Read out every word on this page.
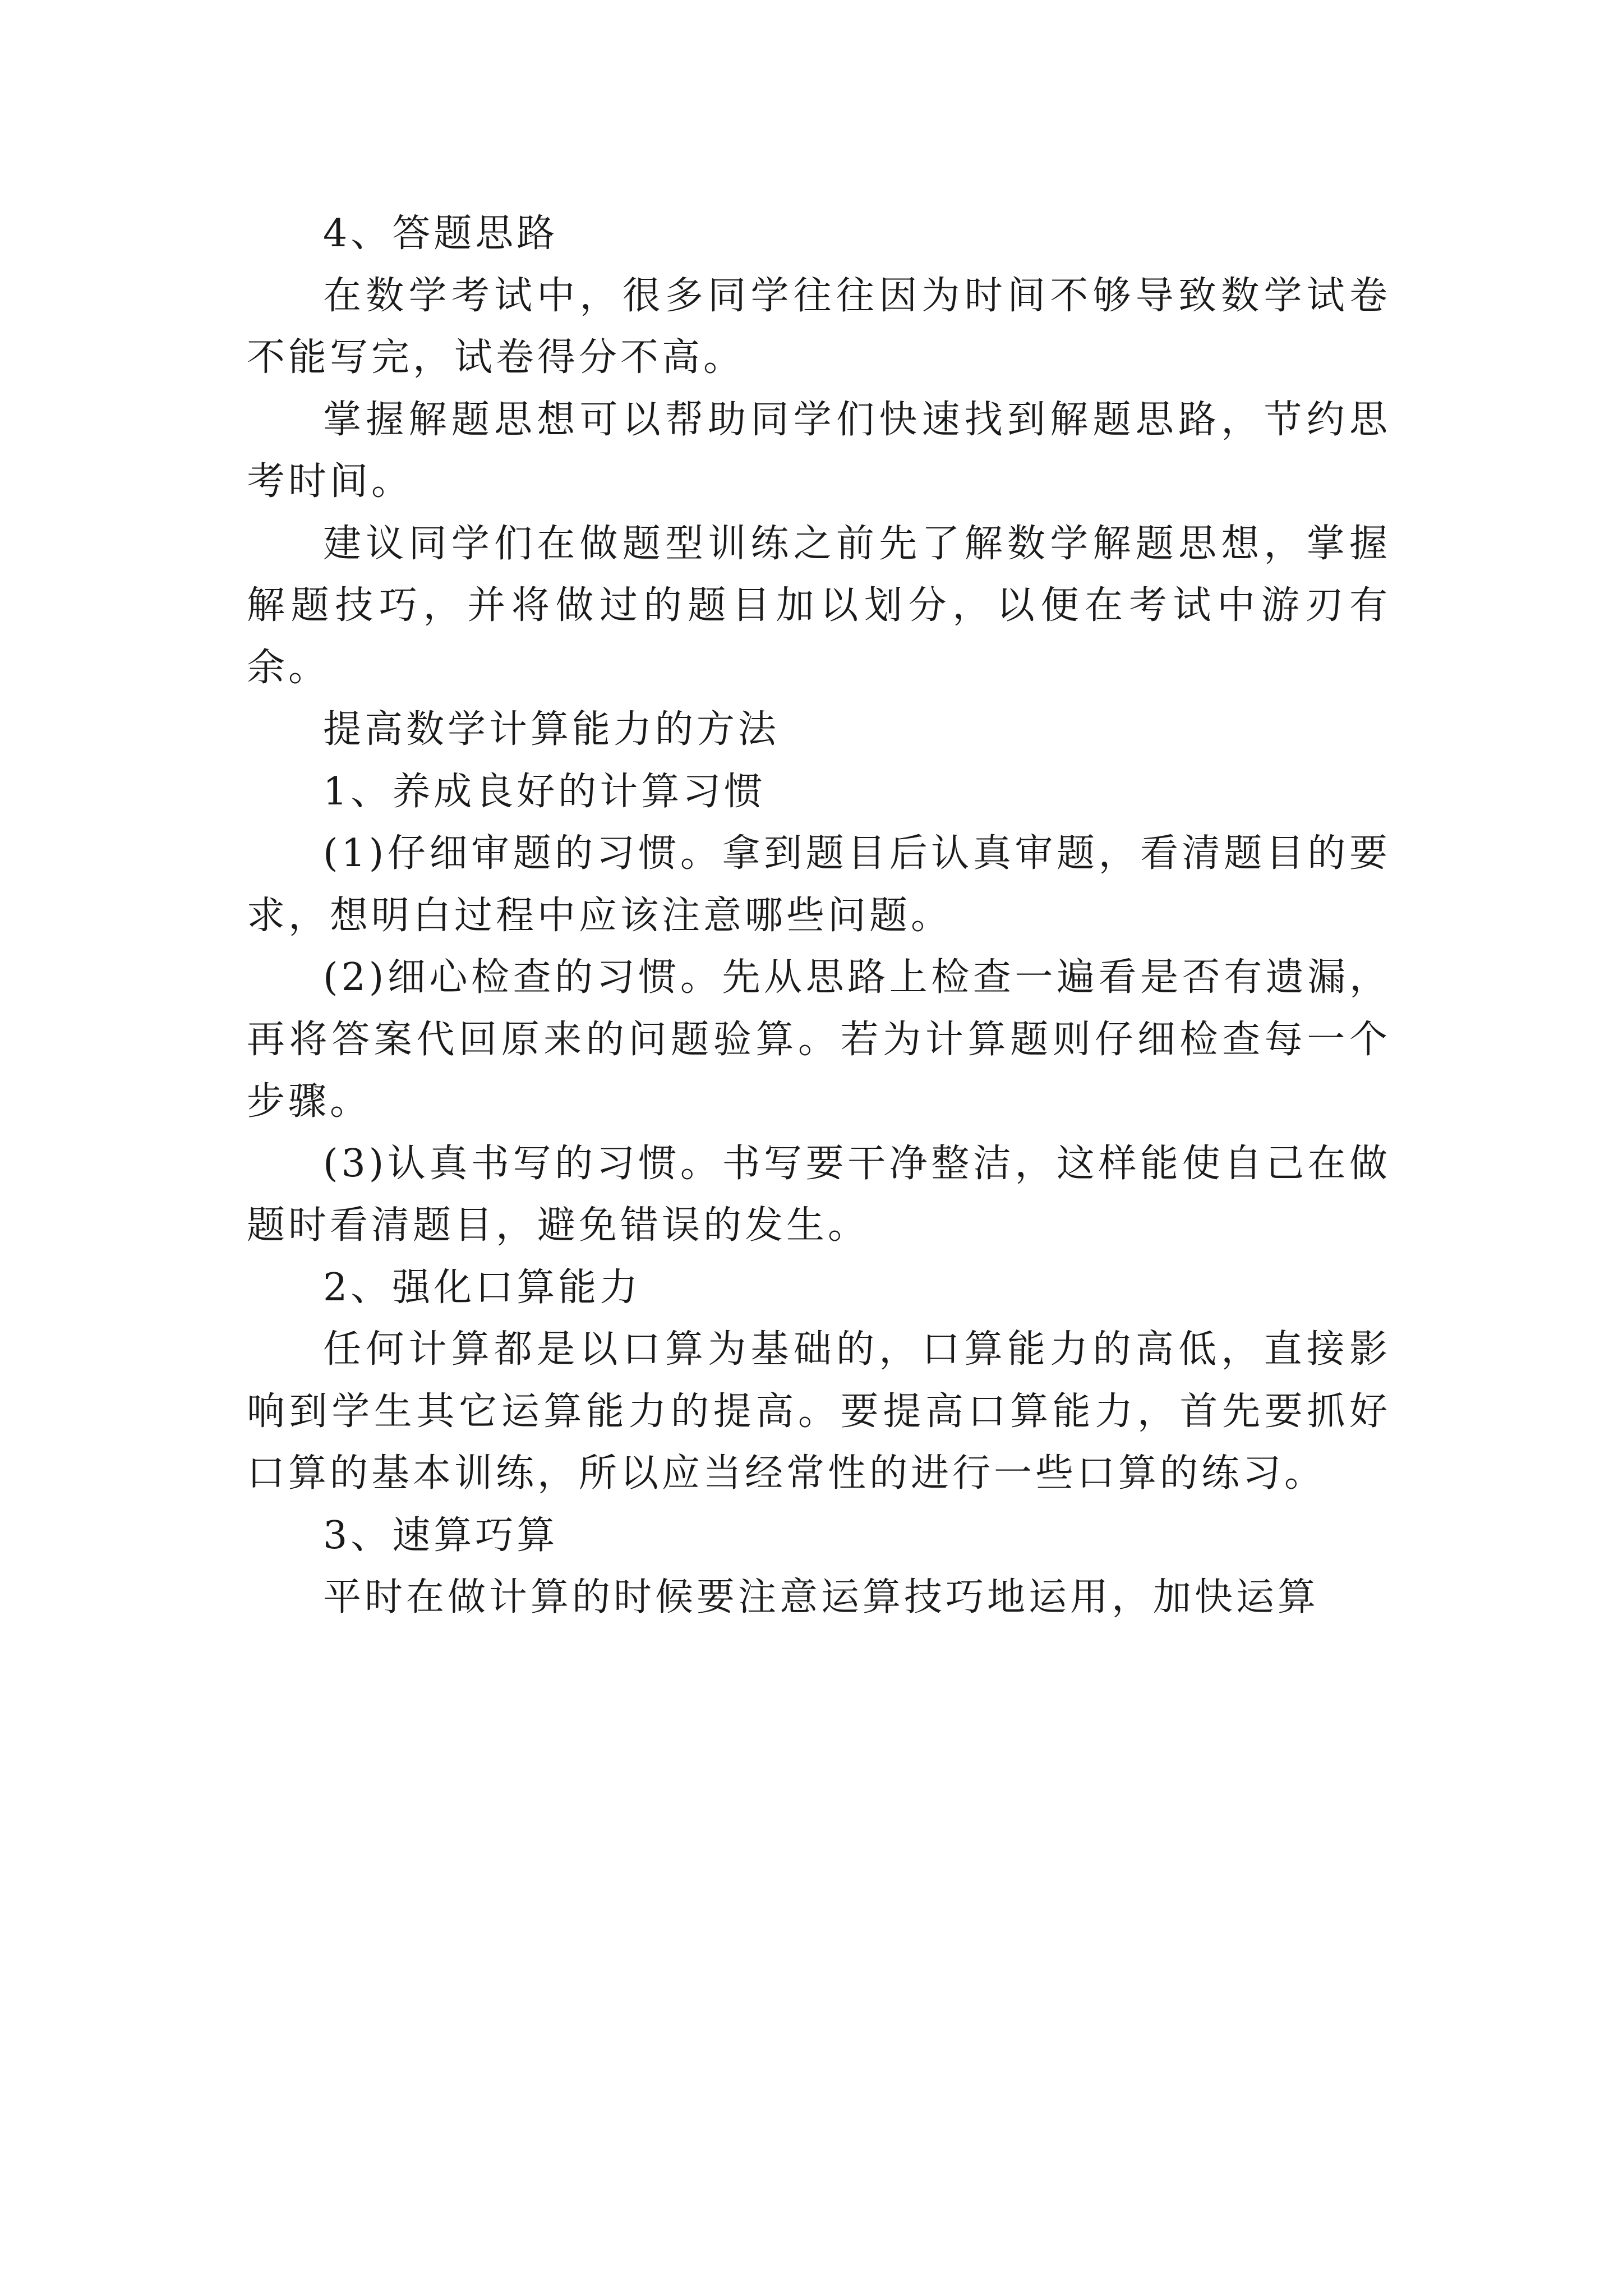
4、答题思路

在数学考试中，很多同学往往因为时间不够导致数学试卷不能写完，试卷得分不高。

掌握解题思想可以帮助同学们快速找到解题思路，节约思考时间。

建议同学们在做题型训练之前先了解数学解题思想，掌握解题技巧，并将做过的题目加以划分，以便在考试中游刃有余。

提高数学计算能力的方法

1、养成良好的计算习惯

(1)仔细审题的习惯。拿到题目后认真审题，看清题目的要求，想明白过程中应该注意哪些问题。

(2)细心检查的习惯。先从思路上检查一遍看是否有遗漏，再将答案代回原来的问题验算。若为计算题则仔细检查每一个步骤。

(3)认真书写的习惯。书写要干净整洁，这样能使自己在做题时看清题目，避免错误的发生。

2、强化口算能力

任何计算都是以口算为基础的，口算能力的高低，直接影响到学生其它运算能力的提高。要提高口算能力，首先要抓好口算的基本训练，所以应当经常性的进行一些口算的练习。

3、速算巧算

平时在做计算的时候要注意运算技巧地运用，加快运算
